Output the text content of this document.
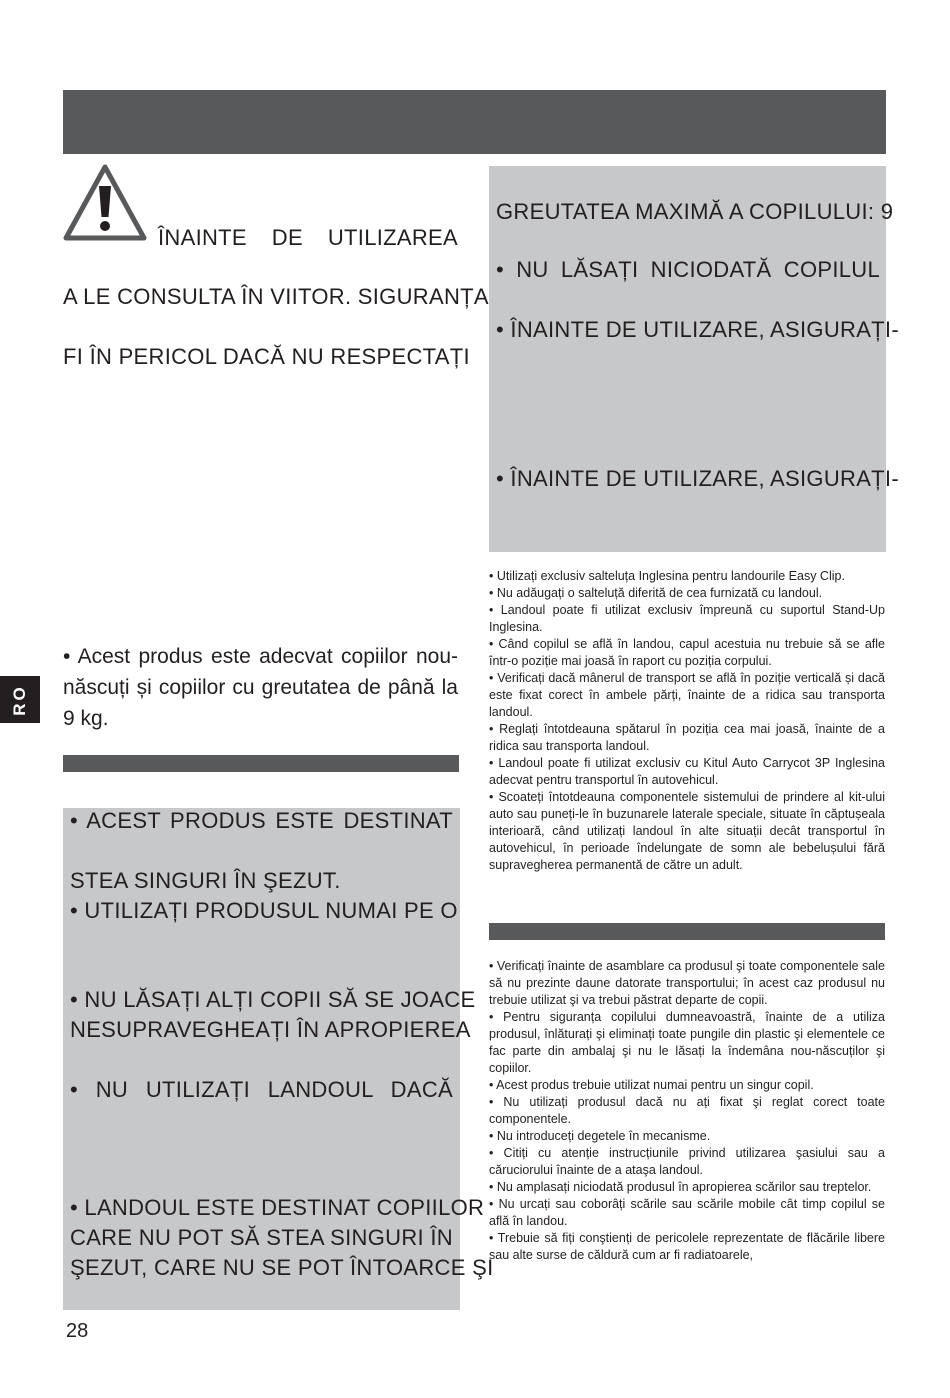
ÎNAINTE DE UTILIZAREA
A LE CONSULTA ÎN VIITOR. SIGURANȚA
FI ÎN PERICOL DACĂ NU RESPECTAȚI
• Acest produs este adecvat copiilor nou-născuți și copiilor cu greutatea de până la 9 kg.
• ACEST PRODUS ESTE DESTINAT
STEA SINGURI ÎN ŞEZUT.
• UTILIZAȚI PRODUSUL NUMAI PE O
• NU LĂSAȚI ALȚI COPII SĂ SE JOACE
NESUPRAVEGHEAȚI ÎN APROPIEREA
• NU UTILIZAȚI LANDOUL DACĂ
• LANDOUL ESTE DESTINAT COPIILOR
CARE NU POT SĂ STEA SINGURI ÎN
ŞEZUT, CARE NU SE POT ÎNTOARCE ŞI
GREUTATEA MAXIMĂ A COPILULUI: 9
• NU LĂSAȚI NICIODATĂ COPILUL
• ÎNAINTE DE UTILIZARE, ASIGURAȚI-
• ÎNAINTE DE UTILIZARE, ASIGURAȚI-

• Utilizați exclusiv salteluța Inglesina pentru landourile Easy Clip.

• Nu adăugați o salteluță diferită de cea furnizată cu landoul.

• Landoul poate fi utilizat exclusiv împreună cu suportul Stand-Up Inglesina.

• Când copilul se află în landou, capul acestuia nu trebuie să se afle într-o poziție mai joasă în raport cu poziția corpului.

• Verificați dacă mânerul de transport se află în poziție verticală și dacă este fixat corect în ambele părți, înainte de a ridica sau transporta landoul.

• Reglați întotdeauna spătarul în poziția cea mai joasă, înainte de a ridica sau transporta landoul.

• Landoul poate fi utilizat exclusiv cu Kitul Auto Carrycot 3P Inglesina adecvat pentru transportul în autovehicul.

• Scoateți întotdeauna componentele sistemului de prindere al kit-ului auto sau puneți-le în buzunarele laterale speciale, situate în căptușeala interioară, când utilizați landoul în alte situații decât transportul în autovehicul, în perioade îndelungate de somn ale bebelușului fără supravegherea permanentă de către un adult.

• Verificați înainte de asamblare ca produsul şi toate componentele sale să nu prezinte daune datorate transportului; în acest caz produsul nu trebuie utilizat şi va trebui păstrat departe de copii.

• Pentru siguranța copilului dumneavoastră, înainte de a utiliza produsul, înlăturați şi eliminați toate pungile din plastic şi elementele ce fac parte din ambalaj şi nu le lăsați la îndemâna nou-născuților şi copiilor.

• Acest produs trebuie utilizat numai pentru un singur copil.

• Nu utilizați produsul dacă nu ați fixat şi reglat corect toate componentele.

• Nu introduceți degetele în mecanisme.

• Citiți cu atenție instrucțiunile privind utilizarea şasiului sau a căruciorului înainte de a ataşa landoul.

• Nu amplasați niciodată produsul în apropierea scărilor sau treptelor.

• Nu urcați sau coborâți scările sau scările mobile cât timp copilul se află în landou.

• Trebuie să fiți conştienți de pericolele reprezentate de flăcările libere sau alte surse de căldură cum ar fi radiatoarele,

RO
28
